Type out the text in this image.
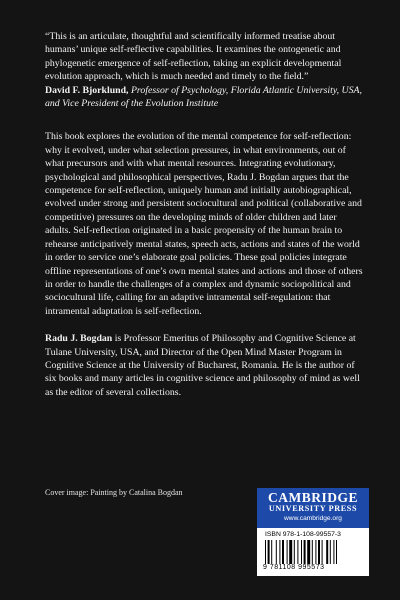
“This is an articulate, thoughtful and scientifically informed treatise about humans’ unique self-reflective capabilities. It examines the ontogenetic and phylogenetic emergence of self-reflection, taking an explicit developmental evolution approach, which is much needed and timely to the field.”

David F. Bjorklund, Professor of Psychology, Florida Atlantic University, USA, and Vice President of the Evolution Institute

This book explores the evolution of the mental competence for self-reflection: why it evolved, under what selection pressures, in what environments, out of what precursors and with what mental resources. Integrating evolutionary, psychological and philosophical perspectives, Radu J. Bogdan argues that the competence for self-reflection, uniquely human and initially autobiographical, evolved under strong and persistent sociocultural and political (collaborative and competitive) pressures on the developing minds of older children and later adults. Self-reflection originated in a basic propensity of the human brain to rehearse anticipatively mental states, speech acts, actions and states of the world in order to service one’s elaborate goal policies. These goal policies integrate offline representations of one’s own mental states and actions and those of others in order to handle the challenges of a complex and dynamic sociopolitical and sociocultural life, calling for an adaptive intramental self-regulation: that intramental adaptation is self-reflection.

Radu J. Bogdan is Professor Emeritus of Philosophy and Cognitive Science at Tulane University, USA, and Director of the Open Mind Master Program in Cognitive Science at the University of Bucharest, Romania. He is the author of six books and many articles in cognitive science and philosophy of mind as well as the editor of several collections.

Cover image: Painting by Catalina Bogdan	CAMBRIDGE
UNIVERSITY PRESS
www.cambridge.org
ISBN 978-1-108-99557-3
9 781108 995573
